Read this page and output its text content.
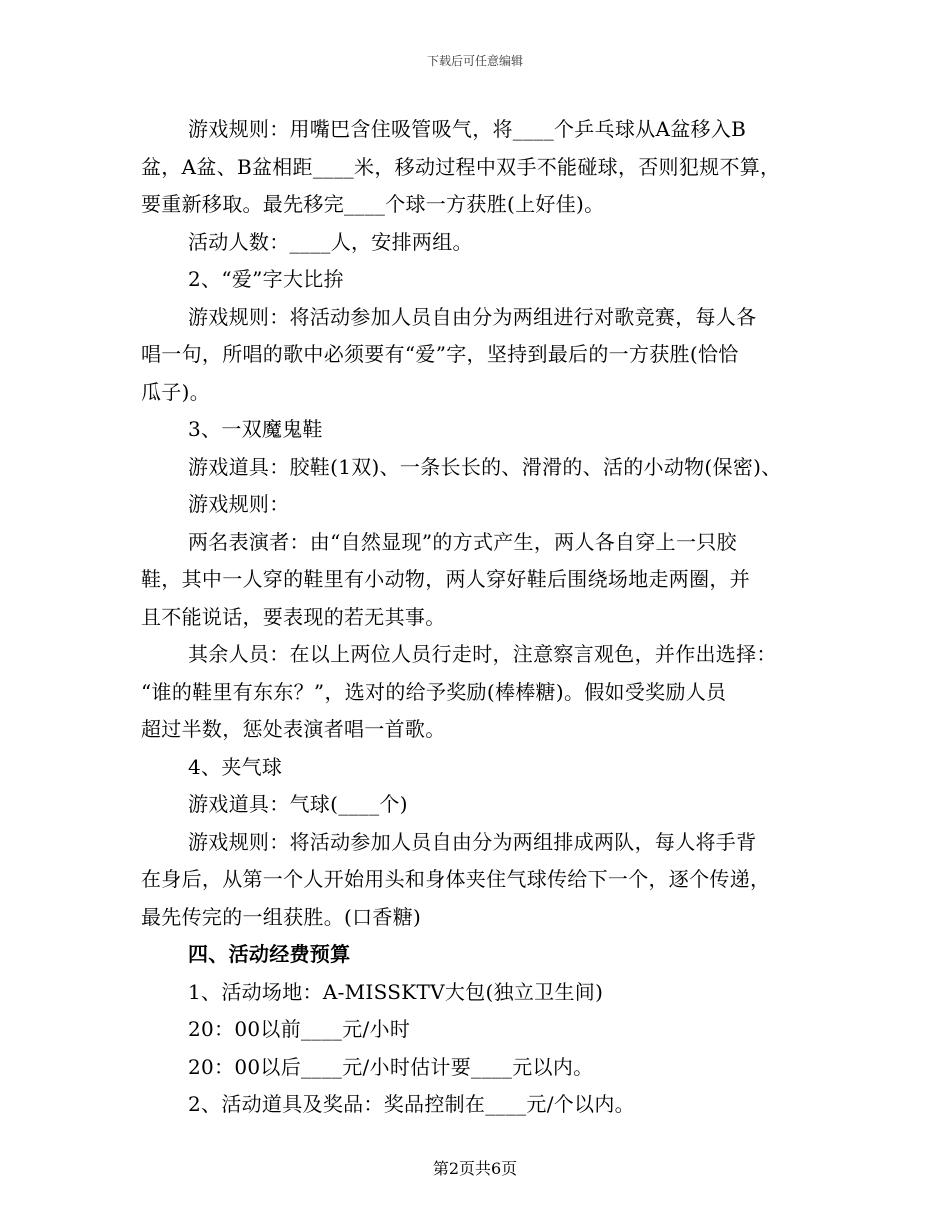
下载后可任意编辑
游戏规则：用嘴巴含住吸管吸气，将____个乒乓球从A盆移入B
盆，A盆、B盆相距____米，移动过程中双手不能碰球，否则犯规不算，
要重新移取。最先移完____个球一方获胜(上好佳)。
活动人数：____人，安排两组。
2、“爱”字大比拚
游戏规则：将活动参加人员自由分为两组进行对歌竞赛，每人各
唱一句，所唱的歌中必须要有“爱”字，坚持到最后的一方获胜(恰恰
瓜子)。
3、一双魔鬼鞋
游戏道具：胶鞋(1双)、一条长长的、滑滑的、活的小动物(保密)、
游戏规则：
两名表演者：由“自然显现”的方式产生，两人各自穿上一只胶
鞋，其中一人穿的鞋里有小动物，两人穿好鞋后围绕场地走两圈，并
且不能说话，要表现的若无其事。
其余人员：在以上两位人员行走时，注意察言观色，并作出选择：
“谁的鞋里有东东？”，选对的给予奖励(棒棒糖)。假如受奖励人员
超过半数，惩处表演者唱一首歌。
4、夹气球
游戏道具：气球(____个)
游戏规则：将活动参加人员自由分为两组排成两队，每人将手背
在身后，从第一个人开始用头和身体夹住气球传给下一个，逐个传递，
最先传完的一组获胜。(口香糖)
四、活动经费预算
1、活动场地：A-MISSKTV大包(独立卫生间)
20：00以前____元/小时
20：00以后____元/小时估计要____元以内。
2、活动道具及奖品：奖品控制在____元/个以内。
第2页共6页
